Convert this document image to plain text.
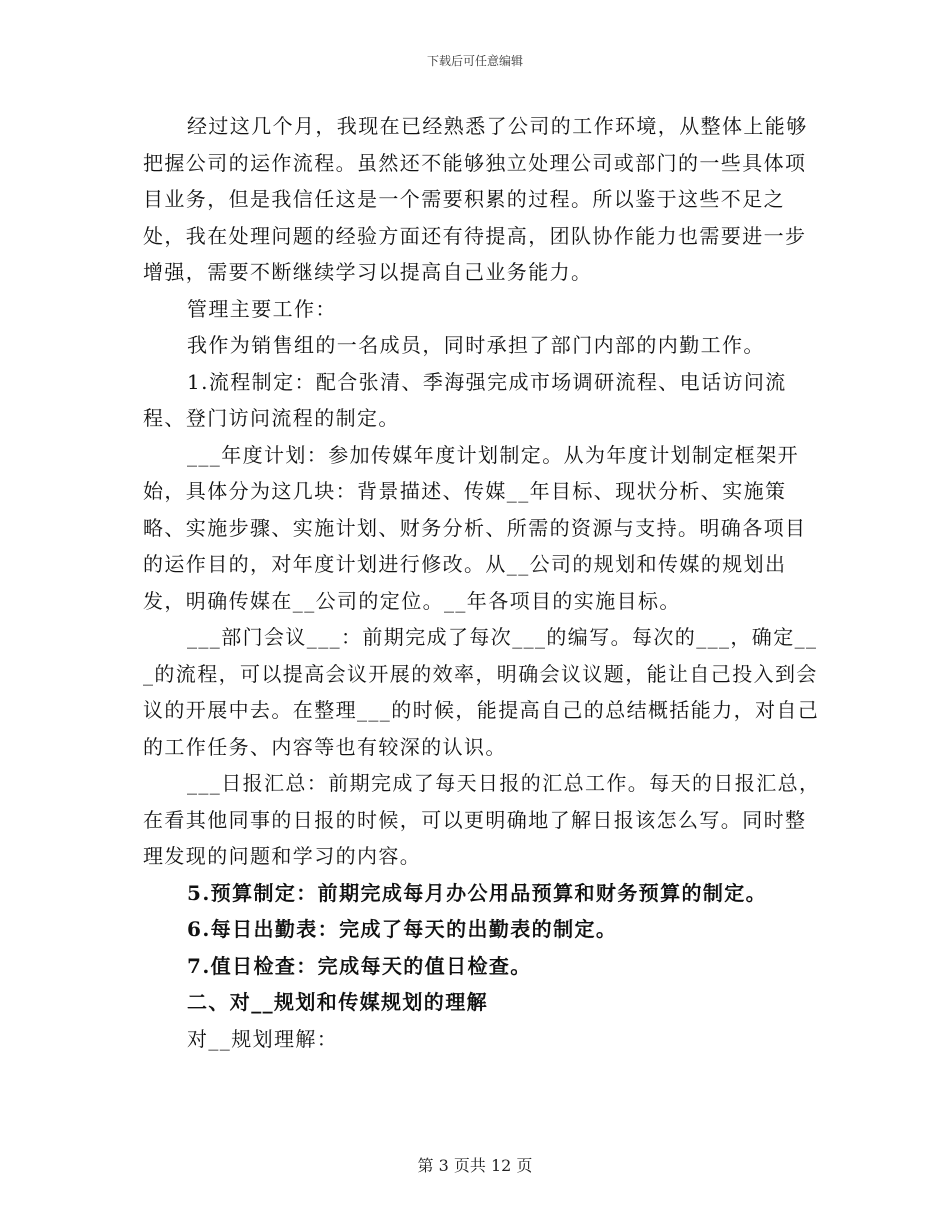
下载后可任意编辑

经过这几个月，我现在已经熟悉了公司的工作环境，从整体上能够把握公司的运作流程。虽然还不能够独立处理公司或部门的一些具体项目业务，但是我信任这是一个需要积累的过程。所以鉴于这些不足之处，我在处理问题的经验方面还有待提高，团队协作能力也需要进一步增强，需要不断继续学习以提高自己业务能力。

管理主要工作：

我作为销售组的一名成员，同时承担了部门内部的内勤工作。

1.流程制定：配合张清、季海强完成市场调研流程、电话访问流程、登门访问流程的制定。

___年度计划：参加传媒年度计划制定。从为年度计划制定框架开始，具体分为这几块：背景描述、传媒__年目标、现状分析、实施策略、实施步骤、实施计划、财务分析、所需的资源与支持。明确各项目的运作目的，对年度计划进行修改。从__公司的规划和传媒的规划出发，明确传媒在__公司的定位。__年各项目的实施目标。

___部门会议___：前期完成了每次___的编写。每次的___，确定___的流程，可以提高会议开展的效率，明确会议议题，能让自己投入到会议的开展中去。在整理___的时候，能提高自己的总结概括能力，对自己的工作任务、内容等也有较深的认识。

___日报汇总：前期完成了每天日报的汇总工作。每天的日报汇总，在看其他同事的日报的时候，可以更明确地了解日报该怎么写。同时整理发现的问题和学习的内容。

5.预算制定：前期完成每月办公用品预算和财务预算的制定。

6.每日出勤表：完成了每天的出勤表的制定。

7.值日检查：完成每天的值日检查。

二、对__规划和传媒规划的理解

对__规划理解：

第 3 页共 12 页
